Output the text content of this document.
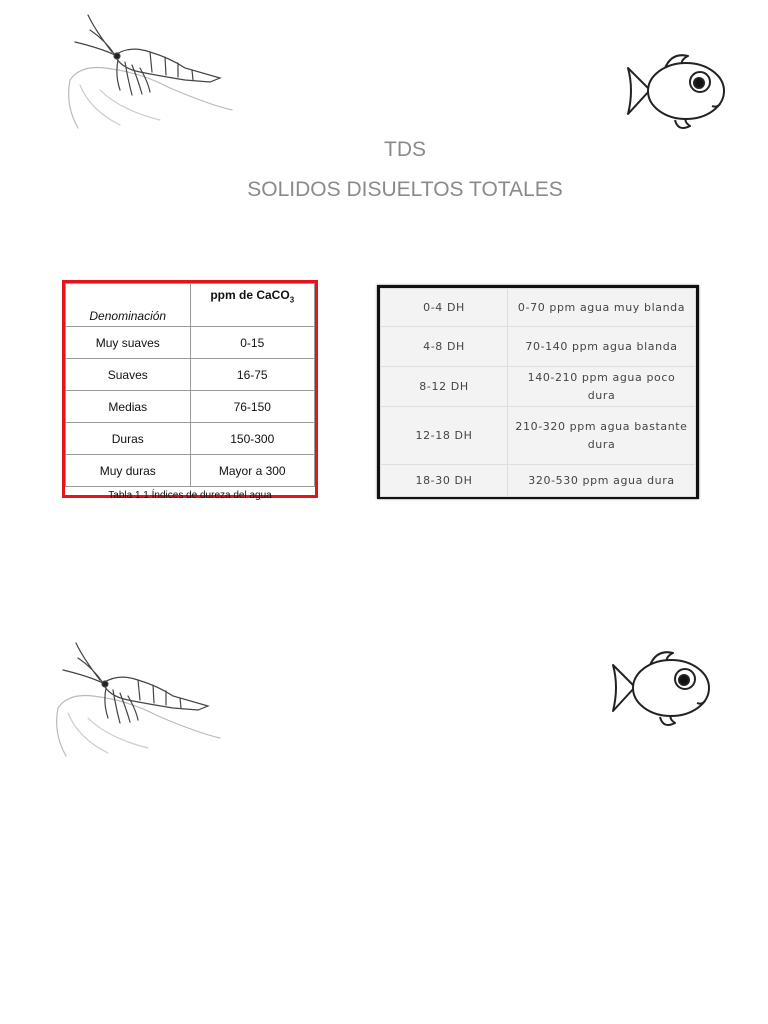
TDS
SOLIDOS DISUELTOS TOTALES
Denominación	ppm de CaCO$_3$
Muy suaves	0-15
Suaves	16-75
Medias	76-150
Duras	150-300
Muy duras	Mayor a 300
Tabla 1.1 Índices de dureza del agua	
0-4 DH	0-70 ppm agua muy blanda
4-8 DH	70-140 ppm agua blanda
8-12 DH	140-210 ppm agua poco dura
12-18 DH	210-320 ppm agua bastante dura
18-30 DH	320-530 ppm agua dura
